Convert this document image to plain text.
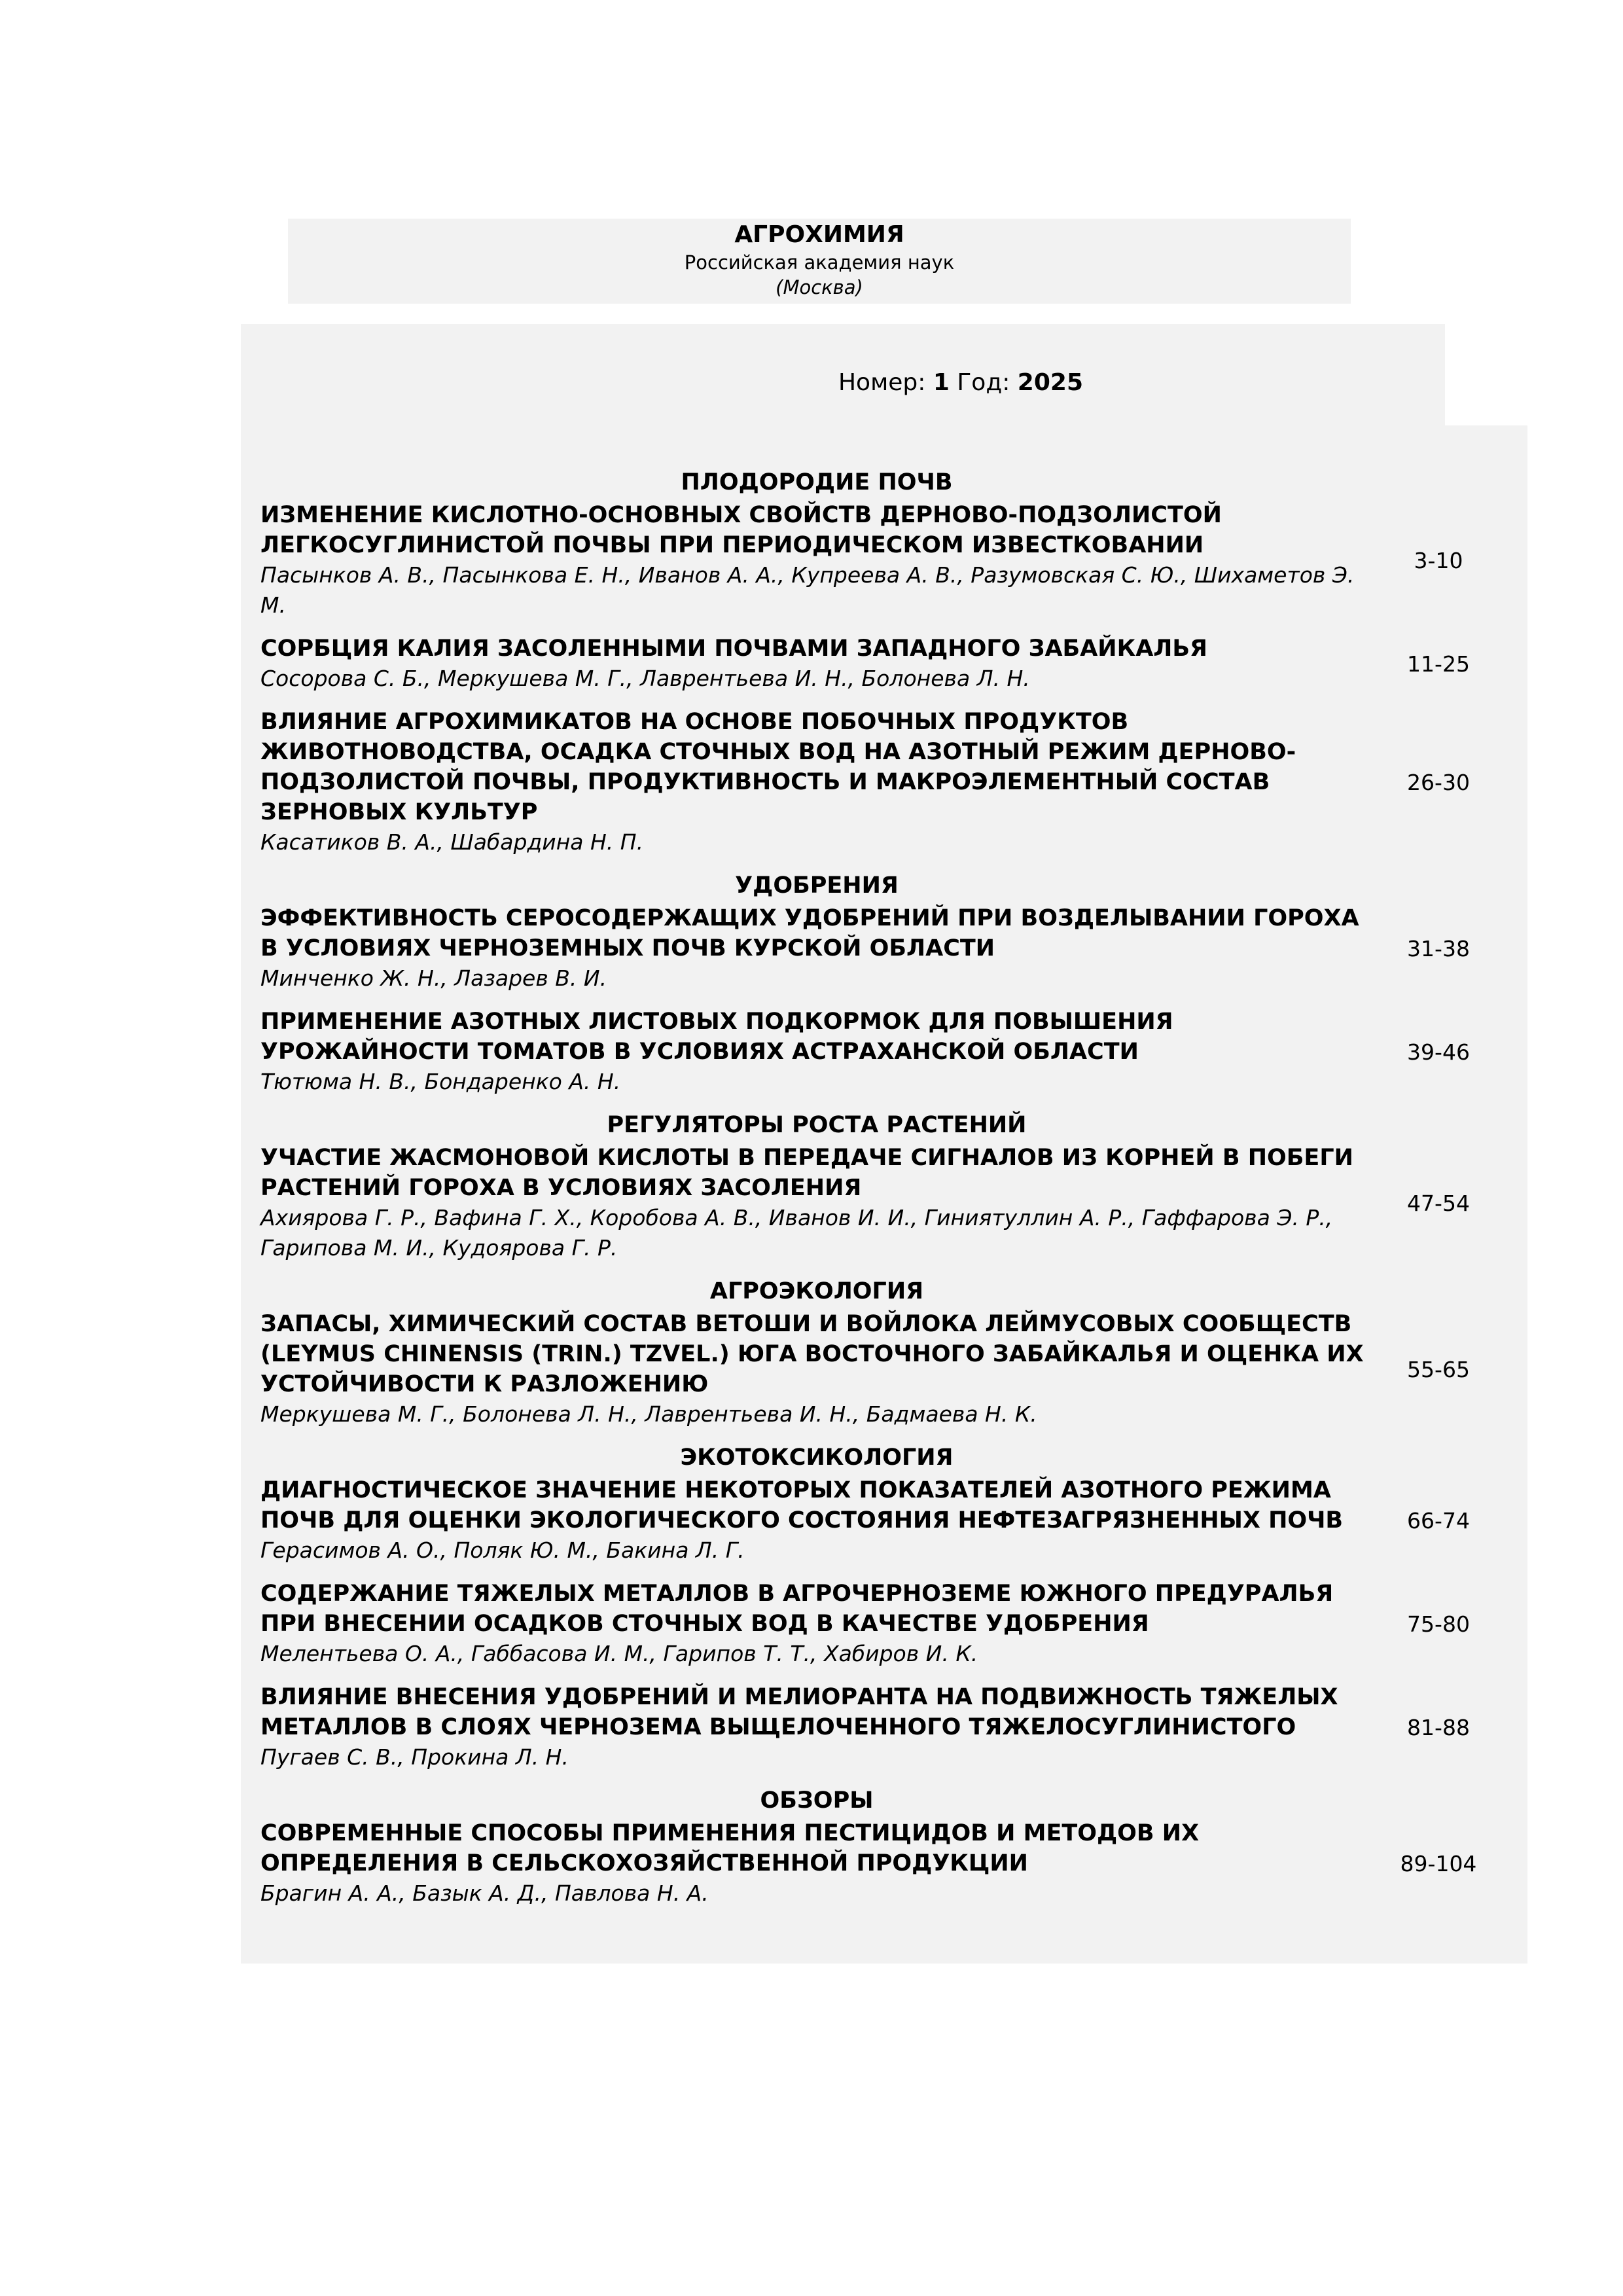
АГРОХИМИЯ
Российская академия наук
(Москва)
Номер: 1 Год: 2025
ПЛОДОРОДИЕ ПОЧВ
ИЗМЕНЕНИЕ КИСЛОТНО-ОСНОВНЫХ СВОЙСТВ ДЕРНОВО-ПОДЗОЛИСТОЙ ЛЕГКОСУГЛИНИСТОЙ ПОЧВЫ ПРИ ПЕРИОДИЧЕСКОМ ИЗВЕСТКОВАНИИ
Пасынков А. В., Пасынкова Е. Н., Иванов А. А., Купреева А. В., Разумовская С. Ю., Шихаметов Э. М.
3-10
СОРБЦИЯ КАЛИЯ ЗАСОЛЕННЫМИ ПОЧВАМИ ЗАПАДНОГО ЗАБАЙКАЛЬЯ
Сосорова С. Б., Меркушева М. Г., Лаврентьева И. Н., Болонева Л. Н.
11-25
ВЛИЯНИЕ АГРОХИМИКАТОВ НА ОСНОВЕ ПОБОЧНЫХ ПРОДУКТОВ ЖИВОТНОВОДСТВА, ОСАДКА СТОЧНЫХ ВОД НА АЗОТНЫЙ РЕЖИМ ДЕРНОВО-ПОДЗОЛИСТОЙ ПОЧВЫ, ПРОДУКТИВНОСТЬ И МАКРОЭЛЕМЕНТНЫЙ СОСТАВ ЗЕРНОВЫХ КУЛЬТУР
Касатиков В. А., Шабардина Н. П.
26-30
УДОБРЕНИЯ
ЭФФЕКТИВНОСТЬ СЕРОСОДЕРЖАЩИХ УДОБРЕНИЙ ПРИ ВОЗДЕЛЫВАНИИ ГОРОХА В УСЛОВИЯХ ЧЕРНОЗЕМНЫХ ПОЧВ КУРСКОЙ ОБЛАСТИ
Минченко Ж. Н., Лазарев В. И.
31-38
ПРИМЕНЕНИЕ АЗОТНЫХ ЛИСТОВЫХ ПОДКОРМОК ДЛЯ ПОВЫШЕНИЯ УРОЖАЙНОСТИ ТОМАТОВ В УСЛОВИЯХ АСТРАХАНСКОЙ ОБЛАСТИ
Тютюма Н. В., Бондаренко А. Н.
39-46
РЕГУЛЯТОРЫ РОСТА РАСТЕНИЙ
УЧАСТИЕ ЖАСМОНОВОЙ КИСЛОТЫ В ПЕРЕДАЧЕ СИГНАЛОВ ИЗ КОРНЕЙ В ПОБЕГИ РАСТЕНИЙ ГОРОХА В УСЛОВИЯХ ЗАСОЛЕНИЯ
Ахиярова Г. Р., Вафина Г. Х., Коробова А. В., Иванов И. И., Гиниятуллин А. Р., Гаффарова Э. Р., Гарипова М. И., Кудоярова Г. Р.
47-54
АГРОЭКОЛОГИЯ
ЗАПАСЫ, ХИМИЧЕСКИЙ СОСТАВ ВЕТОШИ И ВОЙЛОКА ЛЕЙМУСОВЫХ СООБЩЕСТВ (LEYMUS CHINENSIS (TRIN.) TZVEL.) ЮГА ВОСТОЧНОГО ЗАБАЙКАЛЬЯ И ОЦЕНКА ИХ УСТОЙЧИВОСТИ К РАЗЛОЖЕНИЮ
Меркушева М. Г., Болонева Л. Н., Лаврентьева И. Н., Бадмаева Н. К.
55-65
ЭКОТОКСИКОЛОГИЯ
ДИАГНОСТИЧЕСКОЕ ЗНАЧЕНИЕ НЕКОТОРЫХ ПОКАЗАТЕЛЕЙ АЗОТНОГО РЕЖИМА ПОЧВ ДЛЯ ОЦЕНКИ ЭКОЛОГИЧЕСКОГО СОСТОЯНИЯ НЕФТЕЗАГРЯЗНЕННЫХ ПОЧВ
Герасимов А. О., Поляк Ю. М., Бакина Л. Г.
66-74
СОДЕРЖАНИЕ ТЯЖЕЛЫХ МЕТАЛЛОВ В АГРОЧЕРНОЗЕМЕ ЮЖНОГО ПРЕДУРАЛЬЯ ПРИ ВНЕСЕНИИ ОСАДКОВ СТОЧНЫХ ВОД В КАЧЕСТВЕ УДОБРЕНИЯ
Мелентьева О. А., Габбасова И. М., Гарипов Т. Т., Хабиров И. К.
75-80
ВЛИЯНИЕ ВНЕСЕНИЯ УДОБРЕНИЙ И МЕЛИОРАНТА НА ПОДВИЖНОСТЬ ТЯЖЕЛЫХ МЕТАЛЛОВ В СЛОЯХ ЧЕРНОЗЕМА ВЫЩЕЛОЧЕННОГО ТЯЖЕЛОСУГЛИНИСТОГО
Пугаев С. В., Прокина Л. Н.
81-88
ОБЗОРЫ
СОВРЕМЕННЫЕ СПОСОБЫ ПРИМЕНЕНИЯ ПЕСТИЦИДОВ И МЕТОДОВ ИХ ОПРЕДЕЛЕНИЯ В СЕЛЬСКОХОЗЯЙСТВЕННОЙ ПРОДУКЦИИ
Брагин А. А., Базык А. Д., Павлова Н. А.
89-104
